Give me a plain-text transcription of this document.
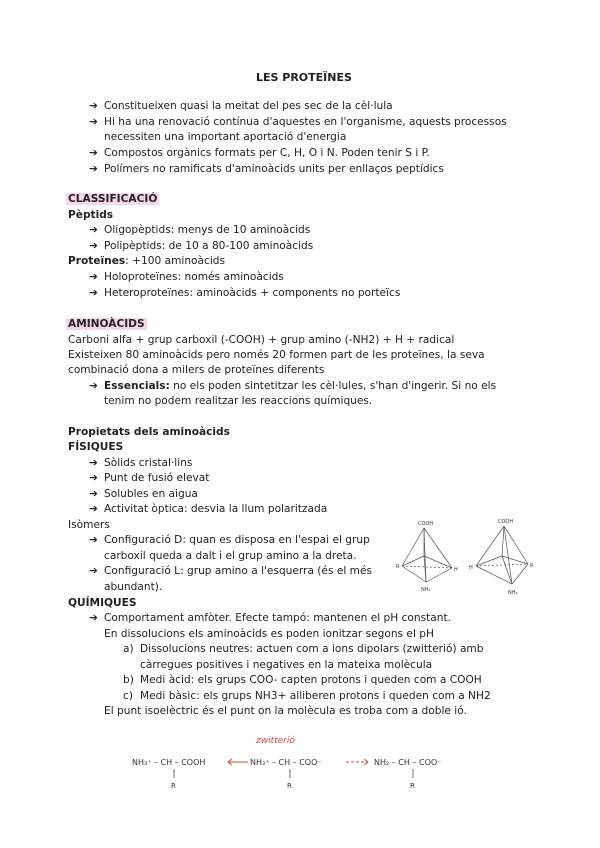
LES PROTEÏNES
➔ Constitueixen quasi la meitat del pes sec de la cèl·lula
➔ Hi ha una renovació contínua d'aquestes en l'organisme, aquests processos
necessiten una important aportació d'energia
➔ Compostos orgànics formats per C, H, O i N. Poden tenir S i P.
➔ Polímers no ramificats d'aminoàcids units per enllaços peptídics
CLASSIFICACIÓ
Pèptids
➔ Oligopèptids: menys de 10 aminoàcids
➔ Polipèptids: de 10 a 80-100 aminoàcids
Proteïnes: +100 aminoàcids
➔ Holoproteïnes: només aminoàcids
➔ Heteroproteïnes: aminoàcids + components no porteïcs
AMINOÀCIDS
Carboni alfa + grup carboxil (-COOH) + grup amino (-NH2) + H + radical
Existeixen 80 aminoàcids pero només 20 formen part de les proteïnes, la seva
combinació dona a milers de proteïnes diferents
➔ Essencials: no els poden sintetitzar les cèl·lules, s'han d'ingerir. Si no els
tenim no podem realitzar les reaccions químiques.
Propietats dels aminoàcids
FÍSIQUES
➔ Sòlids cristal·lins
➔ Punt de fusió elevat
➔ Solubles en aigua
➔ Activitat òptica: desvia la llum polaritzada
Isòmers
➔ Configuració D: quan es disposa en l'espai el grup
carboxil queda a dalt i el grup amino a la dreta.
➔ Configuració L: grup amino a l'esquerra (és el més
abundant).
COOH
R	H
NH₂
COOH
H	R
NH₂
QUÍMIQUES
➔ Comportament amfòter. Efecte tampó: mantenen el pH constant.
En dissolucions els aminoàcids es poden ionitzar segons el pH
a) Dissolucions neutres: actuen com a ions dipolars (zwitterió) amb
càrregues positives i negatives en la mateixa molècula
b) Medi àcid: els grups COO- capten protons i queden com a COOH
c) Medi bàsic: els grups NH3+ alliberen protons i queden com a NH2
El punt isoelèctric és el punt on la molècula es troba com a doble ió.
zwitterió
NH₃⁺ – CH – COOH	NH₃⁺ – CH – COO⁻	NH₂ – CH – COO⁻
R	R	R
